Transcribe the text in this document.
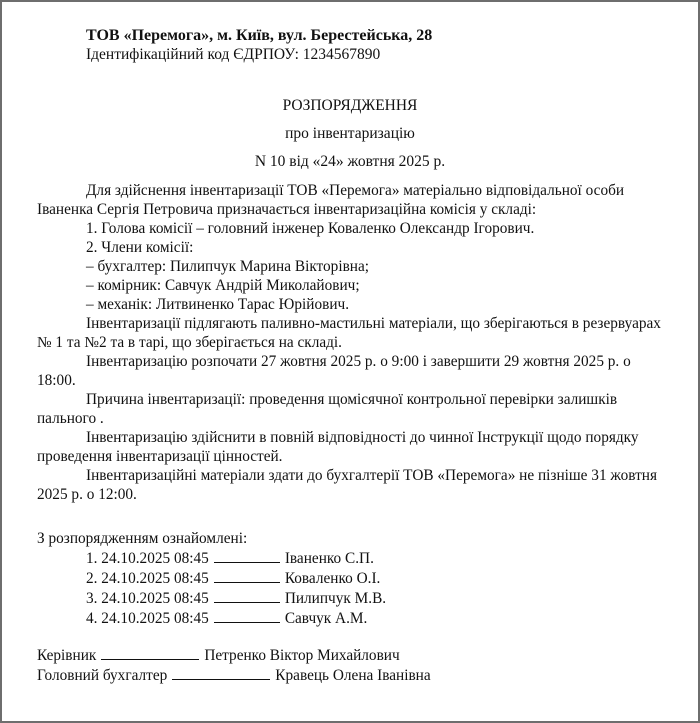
ТОВ «Перемога», м. Київ, вул. Берестейська, 28
Ідентифікаційний код ЄДРПОУ: 1234567890
РОЗПОРЯДЖЕННЯ
про інвентаризацію
N 10 від «24» жовтня 2025 р.

Для здійснення інвентаризації ТОВ «Перемога» матеріально відповідальної особи Іваненка Сергія Петровича призначається інвентаризаційна комісія у складі:

1. Голова комісії – головний інженер Коваленко Олександр Ігорович.

2. Члени комісії:

– бухгалтер: Пилипчук Марина Вікторівна;

– комірник: Савчук Андрій Миколайович;

– механік: Литвиненко Тарас Юрійович.

Інвентаризації підлягають паливно-мастильні матеріали, що зберігаються в резервуарах № 1 та №2 та в тарі, що зберігається на складі.

Інвентаризацію розпочати 27 жовтня 2025 р. о 9:00 і завершити 29 жовтня 2025 р. о 18:00.

Причина інвентаризації: проведення щомісячної контрольної перевірки залишків пального .

Інвентаризацію здійснити в повній відповідності до чинної Інструкції щодо порядку проведення інвентаризації цінностей.

Інвентаризаційні матеріали здати до бухгалтерії ТОВ «Перемога» не пізніше 31 жовтня 2025 р. о 12:00.

З розпорядженням ознайомлені:
1. 24.10.2025 08:45	Іваненко С.П.
2. 24.10.2025 08:45	Коваленко О.І.
3. 24.10.2025 08:45	Пилипчук М.В.
4. 24.10.2025 08:45	Савчук А.М.
Керівник	Петренко Віктор Михайлович
Головний бухгалтер	Кравець Олена Іванівна
